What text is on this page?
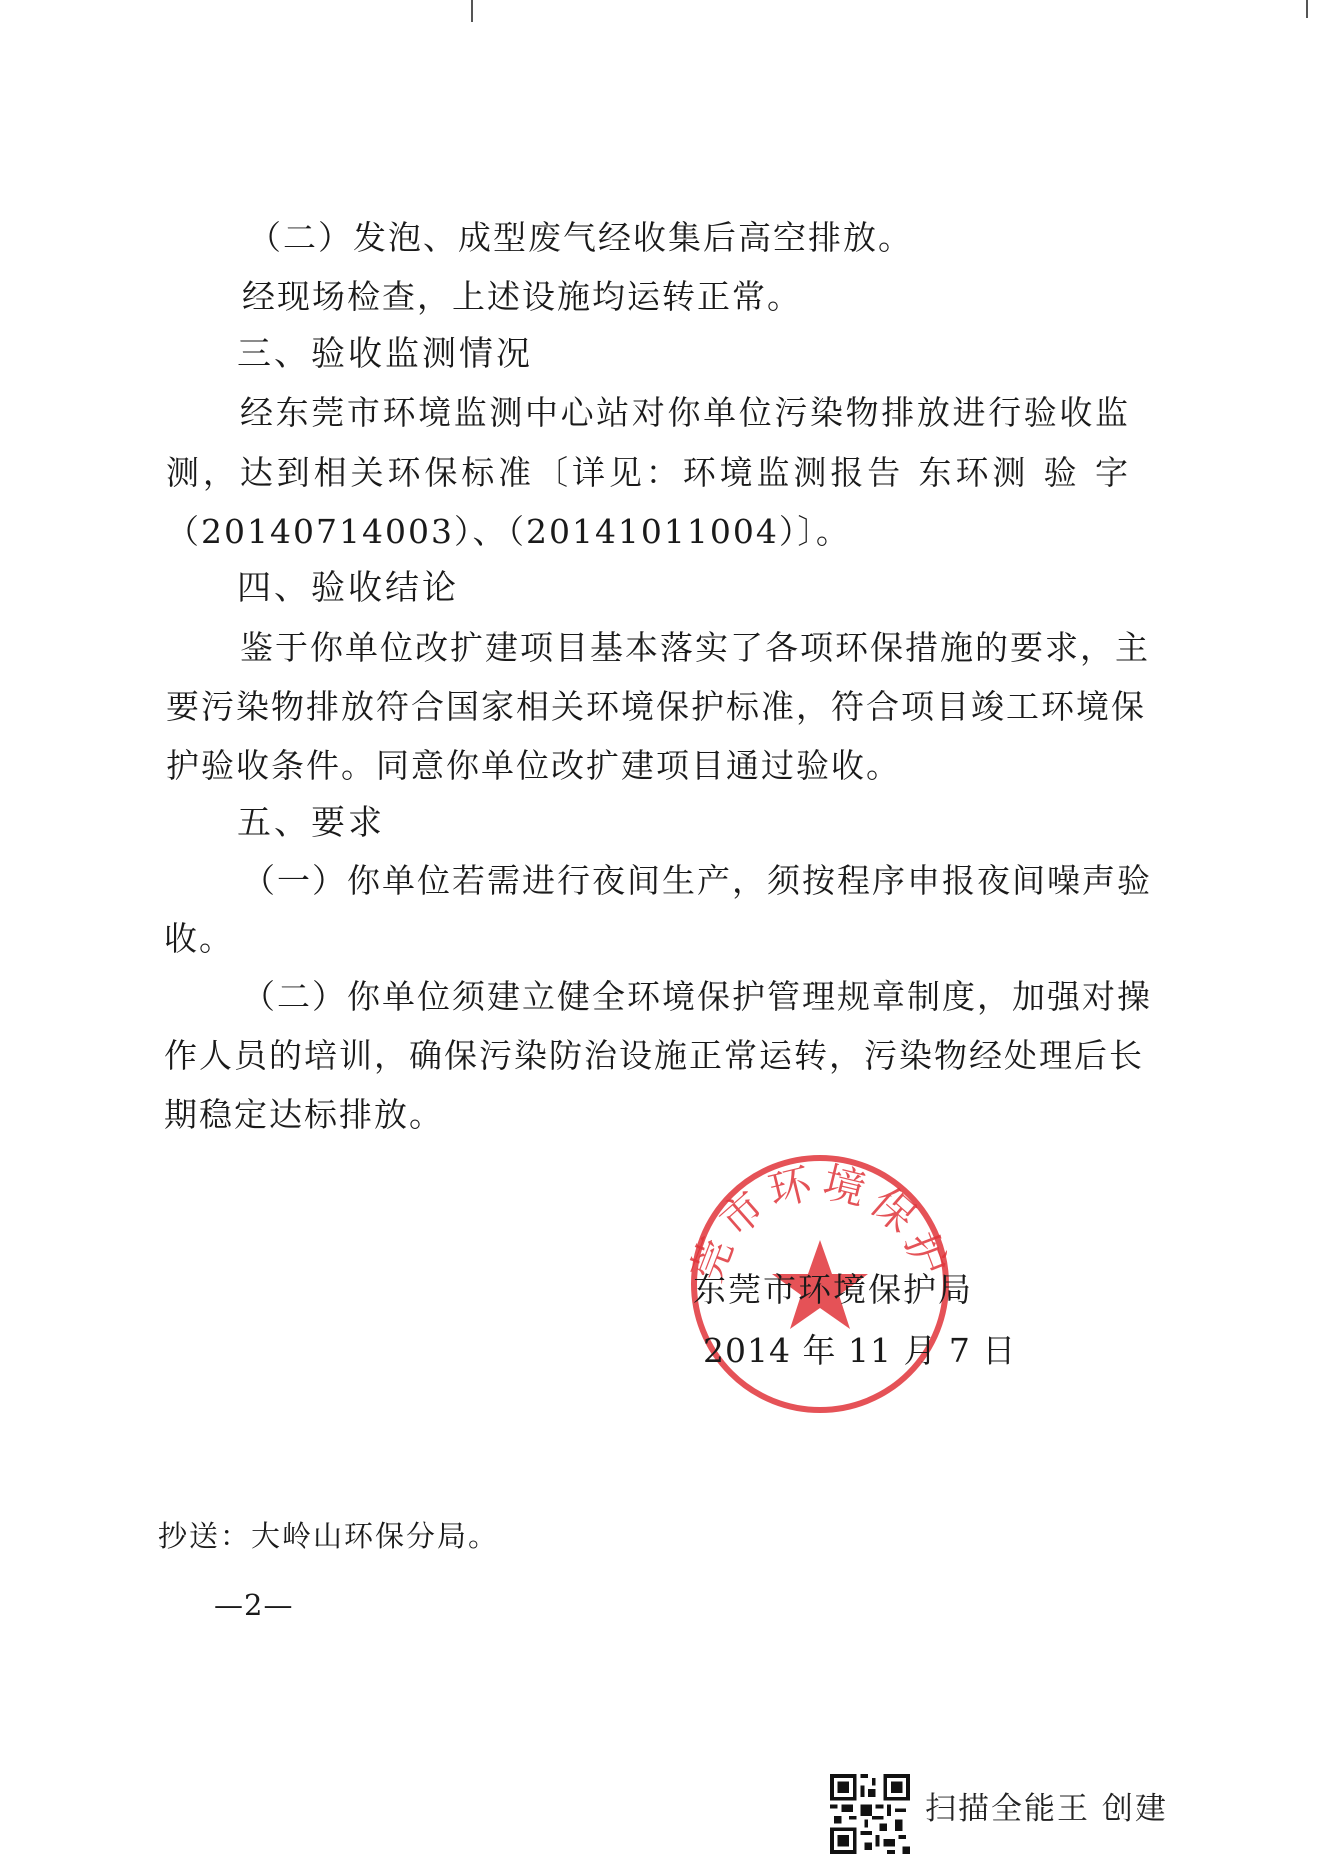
（二）发泡、成型废气经收集后高空排放。
经现场检查，上述设施均运转正常。
三、验收监测情况
经东莞市环境监测中心站对你单位污染物排放进行验收监
测，达到相关环保标准〔详见：环境监测报告 东环测 验 字
（20140714003）、（20141011004）〕。
四、验收结论
鉴于你单位改扩建项目基本落实了各项环保措施的要求，主
要污染物排放符合国家相关环境保护标准，符合项目竣工环境保
护验收条件。同意你单位改扩建项目通过验收。
五、要求
（一）你单位若需进行夜间生产，须按程序申报夜间噪声验
收。
（二）你单位须建立健全环境保护管理规章制度，加强对操
作人员的培训，确保污染防治设施正常运转，污染物经处理后长
期稳定达标排放。
莞市环境保护
东莞市环境保护局
2014 年 11 月 7 日
抄送：大岭山环保分局。
—2—
扫描全能王 创建
